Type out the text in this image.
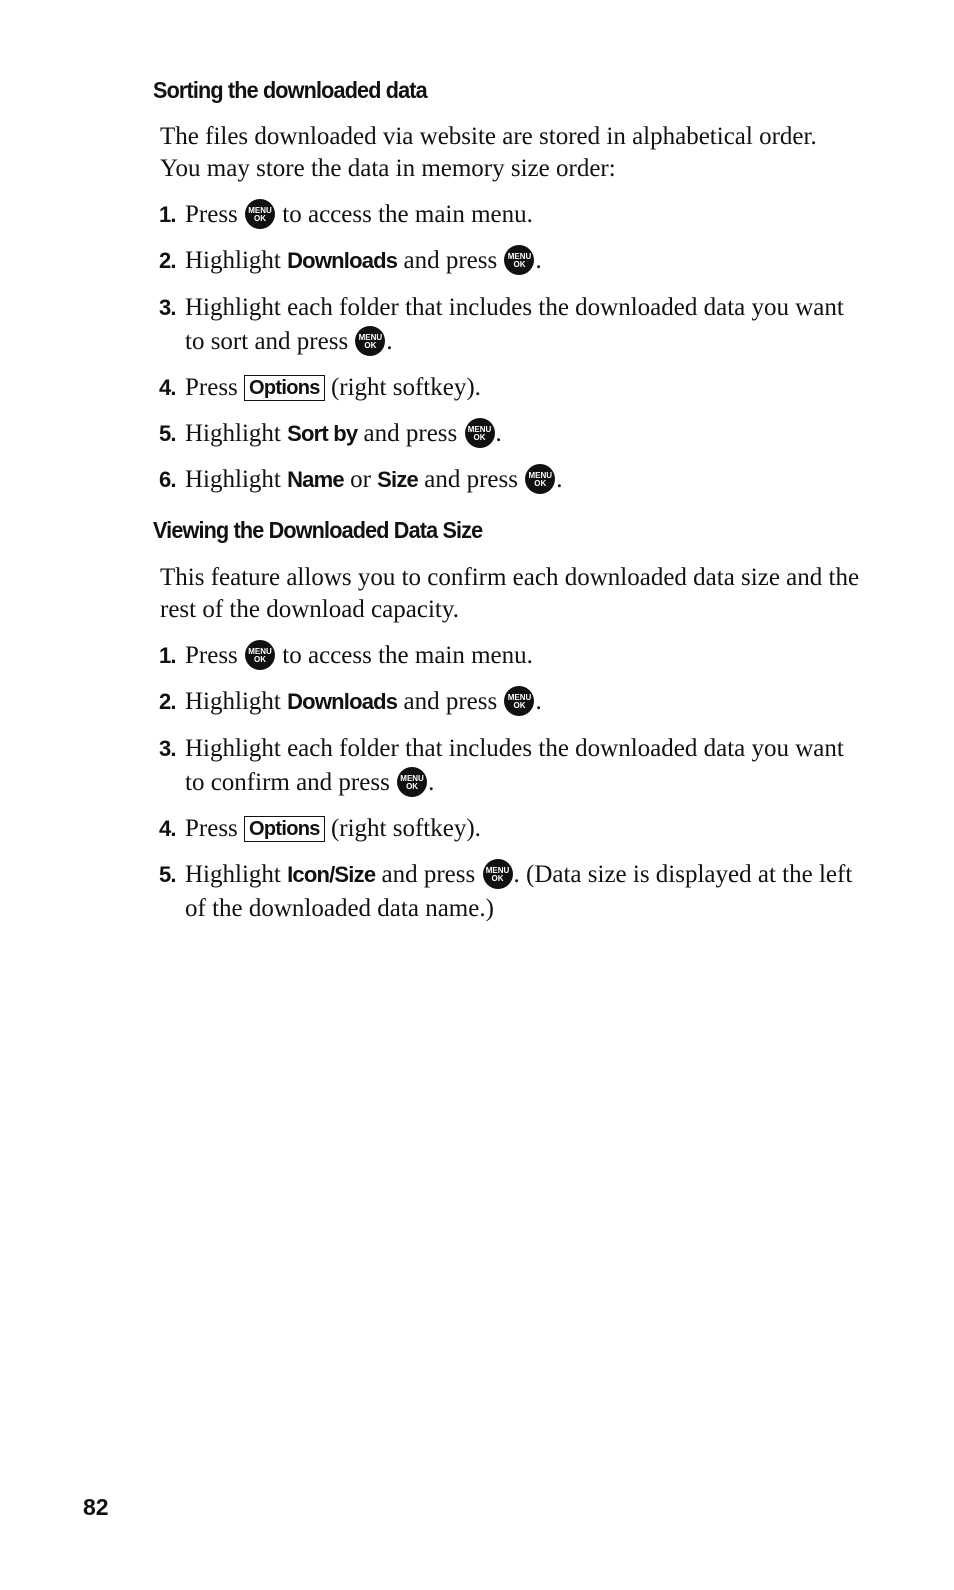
Sorting the downloaded data

The files downloaded via website are stored in alphabetical order. You may store the data in memory size order:

1. Press MENU
OK to access the main menu.
2. Highlight Downloads and press MENU
OK .
3. Highlight each folder that includes the downloaded data you want to sort and press MENU
OK .
4. Press Options (right softkey).
5. Highlight Sort by and press MENU
OK .
6. Highlight Name or Size and press MENU
OK .
Viewing the Downloaded Data Size

This feature allows you to confirm each downloaded data size and the rest of the download capacity.

1. Press MENU
OK to access the main menu.
2. Highlight Downloads and press MENU
OK .
3. Highlight each folder that includes the downloaded data you want to confirm and press MENU
OK .
4. Press Options (right softkey).
5. Highlight Icon/Size and press MENU
OK . (Data size is displayed at the left of the downloaded data name.)

82
